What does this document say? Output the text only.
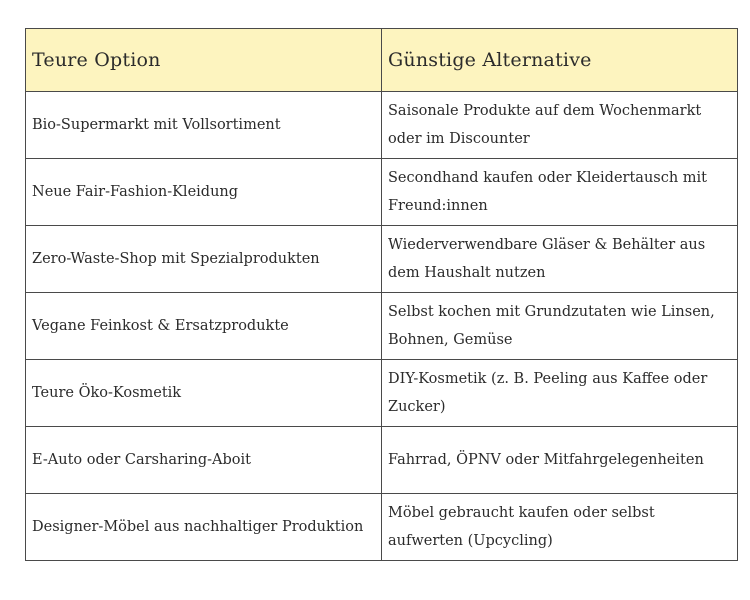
Teure Option	Günstige Alternative
Bio-Supermarkt mit Vollsortiment	Saisonale Produkte auf dem Wochenmarkt oder im Discounter
Neue Fair-Fashion-Kleidung	Secondhand kaufen oder Kleidertausch mit Freund:innen
Zero-Waste-Shop mit Spezialprodukten	Wiederverwendbare Gläser & Behälter aus dem Haushalt nutzen
Vegane Feinkost & Ersatzprodukte	Selbst kochen mit Grundzutaten wie Linsen, Bohnen, Gemüse
Teure Öko-Kosmetik	DIY-Kosmetik (z. B. Peeling aus Kaffee oder Zucker)
E-Auto oder Carsharing-Aboit	Fahrrad, ÖPNV oder Mitfahrgelegenheiten
Designer-Möbel aus nachhaltiger Produktion	Möbel gebraucht kaufen oder selbst aufwerten (Upcycling)
